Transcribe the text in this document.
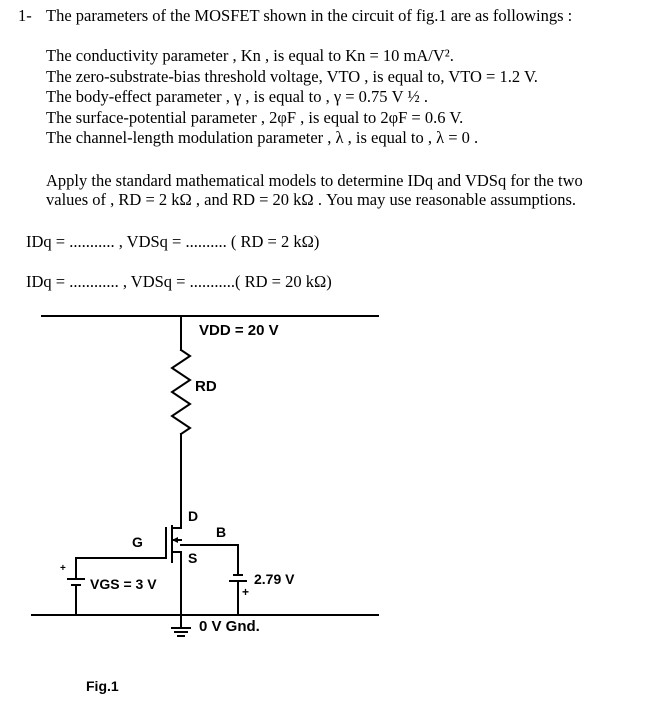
1- The parameters of the MOSFET shown in the circuit of fig.1 are as followings :
The conductivity parameter , Kn , is equal to Kn = 10 mA/V².
The zero-substrate-bias threshold voltage, VTO , is equal to, VTO = 1.2 V.
The body-effect parameter , γ , is equal to , γ = 0.75 V ½ .
The surface-potential parameter , 2φF , is equal to 2φF = 0.6 V.
The channel-length modulation parameter , λ , is equal to , λ = 0 .
Apply the standard mathematical models to determine IDq and VDSq for the two
values of , RD = 2 kΩ , and RD = 20 kΩ . You may use reasonable assumptions.
IDq = ........... , VDSq = .......... ( RD = 2 kΩ)
IDq = ............ , VDSq = ...........( RD = 20 kΩ)
VDD = 20 V
RD
D
G
S
B
+
VGS = 3 V	2.79 V
+
0 V Gnd.
Fig.1
